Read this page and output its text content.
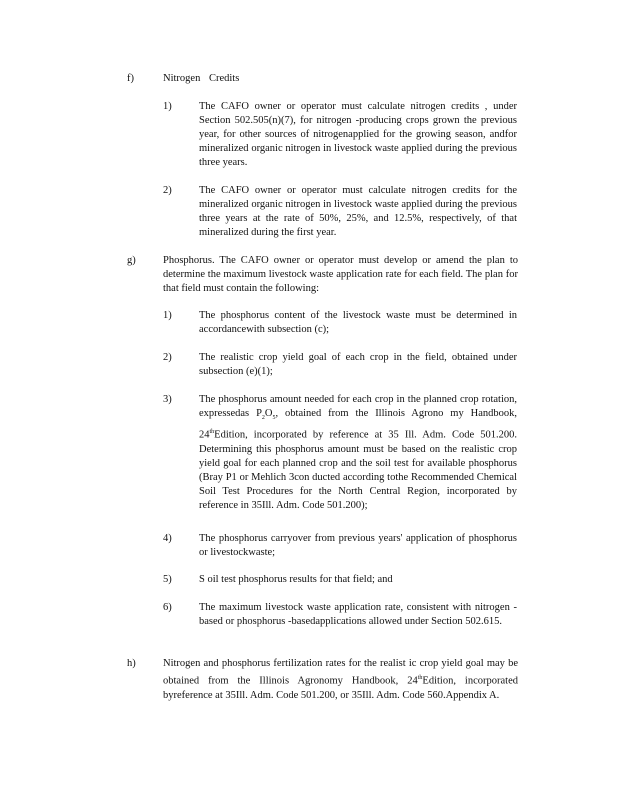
f)	Nitrogen Credits
1)	The CAFO owner or operator must calculate nitrogen credits , under Section 502.505(n)(7), for nitrogen -producing crops grown the previous year, for other sources of nitrogenapplied for the growing season, andfor mineralized organic nitrogen in livestock waste applied during the previous three years.
2)	The CAFO owner or operator must calculate nitrogen credits for the mineralized organic nitrogen in livestock waste applied during the previous three years at the rate of 50%, 25%, and 12.5%, respectively, of that mineralized during the first year.
g)	Phosphorus. The CAFO owner or operator must develop or amend the plan to determine the maximum livestock waste application rate for each field. The plan for that field must contain the following:
1)	The phosphorus content of the livestock waste must be determined in accordancewith subsection (c);
2)	The realistic crop yield goal of each crop in the field, obtained under subsection (e)(1);
3)	The phosphorus amount needed for each crop in the planned crop rotation, expressedas $P_2O_5$, obtained from the Illinois Agrono my Handbook, 24thEdition, incorporated by reference at 35 Ill. Adm. Code 501.200. Determining this phosphorus amount must be based on the realistic crop yield goal for each planned crop and the soil test for available phosphorus (Bray P1 or Mehlich 3con ducted according tothe Recommended Chemical Soil Test Procedures for the North Central Region, incorporated by reference in 35Ill. Adm. Code 501.200);
4)	The phosphorus carryover from previous years' application of phosphorus or livestockwaste;
5)	S oil test phosphorus results for that field; and
6)	The maximum livestock waste application rate, consistent with nitrogen -based or phosphorus -basedapplications allowed under Section 502.615.
h)	Nitrogen and phosphorus fertilization rates for the realist ic crop yield goal may be obtained from the Illinois Agronomy Handbook, 24thEdition, incorporated byreference at 35Ill. Adm. Code 501.200, or 35Ill. Adm. Code 560.Appendix A.
